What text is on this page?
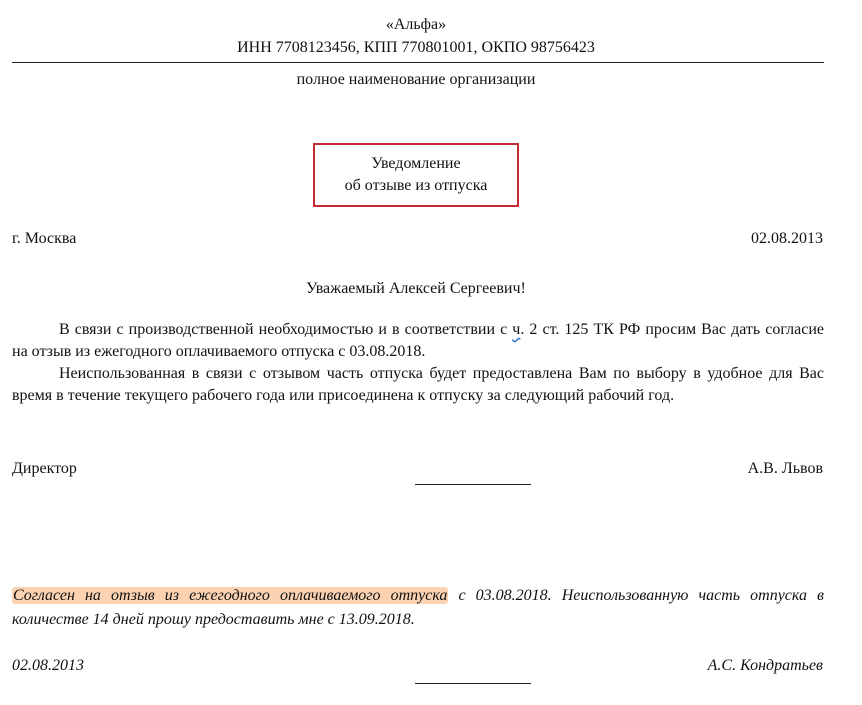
«Альфа»
ИНН 7708123456, КПП 770801001, ОКПО 98756423
полное наименование организации
Уведомление
об отзыве из отпуска
г. Москва	02.08.2013
Уважаемый Алексей Сергеевич!

В связи с производственной необходимостью и в соответствии с ч. 2 ст. 125 ТК РФ просим Вас дать согласие на отзыв из ежегодного оплачиваемого отпуска с 03.08.2018.

Неиспользованная в связи с отзывом часть отпуска будет предоставлена Вам по выбору в удобное для Вас время в течение текущего рабочего года или присоединена к отпуску за следующий рабочий год.

Директор	А.В. Львов
Согласен на отзыв из ежегодного оплачиваемого отпуска с 03.08.2018. Неиспользованную часть отпуска в количестве 14 дней прошу предоставить мне с 13.09.2018.
02.08.2013	А.С. Кондратьев
